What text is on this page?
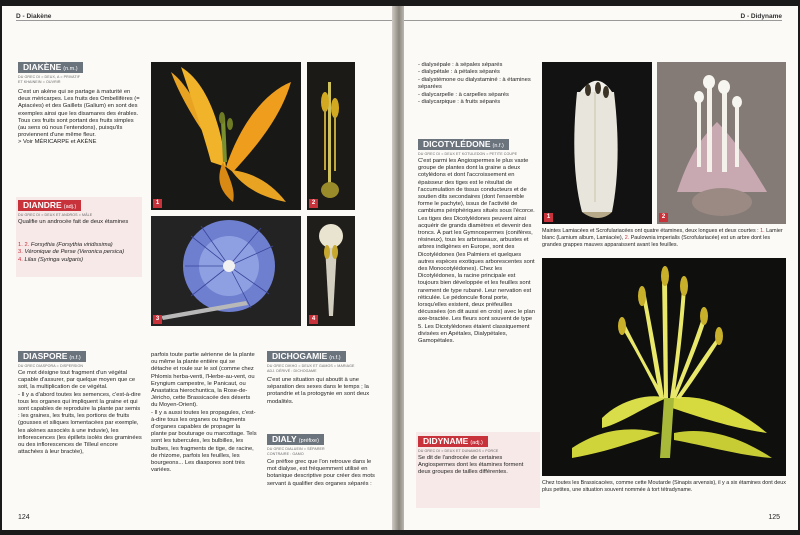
D - Diakène
DIAKÈNE (n.m.)
DU GREC DI = DEUX, A = PRIVATIF
ET KHAINEIN = OUVRIR

C'est un akène qui se partage à maturité en deux méricarpes. Les fruits des Ombellifères (= Apiacées) et des Gaillets (Galium) en sont des exemples ainsi que les disamares des érables. Tous ces fruits sont portant des fruits simples (au sens où nous l'entendons), puisqu'ils proviennent d'une même fleur.

> Voir MÉRICARPE et AKÈNE

DIANDRE (adj.)
DU GREC DI = DEUX ET ANDROS = MÂLE
Qualifie un androcée fait de deux étamines
1. 2. Forsythia (Forsythia viridissima)
3. Véronique de Perse (Veronica persica)
4. Lilas (Syringa vulgaris)
1	2
3	4
DIASPORE (n.f.)
DU GREC DIASPORA = DISPERSION
Ce mot désigne tout fragment d'un végétal capable d'assurer, par quelque moyen que ce soit, la multiplication de ce végétal.
- Il y a d'abord toutes les semences, c'est-à-dire tous les organes qui impliquent la graine et qui sont capables de reproduire la plante par semis : les graines, les fruits, les portions de fruits (gousses et siliques lomentacées par exemple, les akènes associés à une induvie), les inflorescences (les épillets isolés des graminées ou des inflorescences de Tilleul encore attachées à leur bractée),
parfois toute partie aérienne de la plante ou même la plante entière qui se détache et roule sur le sol (comme chez Phlomis herba-venti, l'Herbe-au-vent, ou Eryngium campestre, le Panicaut, ou Anastatica hierochuntica, la Rose-de-Jéricho, cette Brassicacée des déserts du Moyen-Orient).
- Il y a aussi toutes les propagules, c'est-à-dire tous les organes ou fragments d'organes capables de propager la plante par bouturage ou marcottage. Tels sont les tubercules, les bulbilles, les bulbes, les fragments de tige, de racine, de rhizome, parfois les feuilles, les bourgeons... Les diaspores sont très variées.
DICHOGAMIE (n.f.)
DU GREC DIKHO = DEUX ET GAMOS = MARIAGE
ADJ. DÉRIVÉ : DICHOGAME
C'est une situation qui aboutit à une séparation des sexes dans le temps ; la protandrie et la protogynie en sont deux modalités.
DIALY (préfixe)
DU GREC DIALUEIN = SÉPARER
CONTRAIRE : GAMO
Ce préfixe grec que l'on retrouve dans le mot dialyse, est fréquemment utilisé en botanique descriptive pour créer des mots servant à qualifier des organes séparés :
124
D - Didyname
- dialysépale : à sépales séparés
- dialypétale : à pétales séparés
- dialystémone ou dialystaminé : à étamines séparées
- dialycarpelle : à carpelles séparés
- dialycarpique : à fruits séparés
DICOTYLÉDONE (n.f.)
DU GREC DI = DEUX ET KOTULEDON = PETITE COUPE
C'est parmi les Angiospermes le plus vaste groupe de plantes dont la graine a deux cotylédons et dont l'accroissement en épaisseur des tiges est le résultat de l'accumulation de tissus conducteurs et de soutien dits secondaires (dont l'ensemble forme le pachyte), issus de l'activité de cambiums périphériques situés sous l'écorce. Les tiges des Dicotylédones peuvent ainsi acquérir de grands diamètres et devenir des troncs. À part les Gymnospermes (conifères, résineux), tous les arbrisseaux, arbustes et arbres indigènes en Europe, sont des Dicotylédones (les Palmiers et quelques autres espèces exotiques arborescentes sont des Monocotylédones). Chez les Dicotylédones, la racine principale est toujours bien développée et les feuilles sont rarement de type rubané. Leur nervation est réticulée. Le pédoncule floral porte, lorsqu'elles existent, deux préfeuilles décussées (on dit aussi en croix) avec le plan axe-bractée. Les fleurs sont souvent de type 5. Les Dicotylédones étaient classiquement divisées en Apétales, Dialypétales, Gamopétales.
DIDYNAME (adj.)
DU GREC DI = DEUX ET DUNAMOS = FORCE
Se dit de l'androcée de certaines Angiospermes dont les étamines forment deux groupes de tailles différentes.
1	2
Maintes Lamiacées et Scrofulariacées ont quatre étamines, deux longues et deux courtes : 1. Lamier blanc (Lamium album, Lamiacée), 2. Paulownia imperialis (Scrofulariacée) est un arbre dont les grandes grappes mauves apparaissent avant les feuilles.
Chez toutes les Brassicacées, comme cette Moutarde (Sinapis arvensis), il y a six étamines dont deux plus petites, une situation souvent nommée à tort tétradyname.
125
